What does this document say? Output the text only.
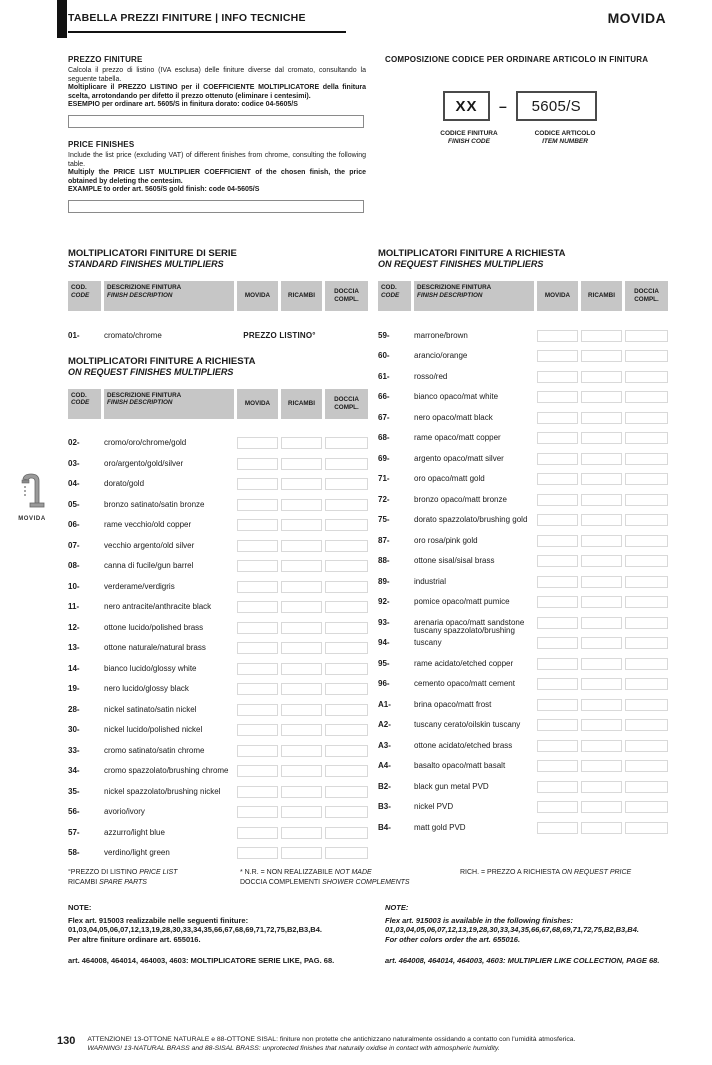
TABELLA PREZZI FINITURE | INFO TECNICHE	MOVIDA
PREZZO FINITURE
Calcola il prezzo di listino (IVA esclusa) delle finiture diverse dal cromato, consultando la seguente tabella.
Moltiplicare il PREZZO LISTINO per il COEFFICIENTE MOLTIPLICATORE della finitura scelta, arrotondando per difetto il prezzo ottenuto (eliminare i centesimi).
ESEMPIO per ordinare art. 5605/S in finitura dorato: codice 04-5605/S
PRICE FINISHES
Include the list price (excluding VAT) of different finishes from chrome, consulting the following table.
Multiply the PRICE LIST MULTIPLIER COEFFICIENT of the chosen finish, the price obtained by deleting the centesim.
EXAMPLE to order art. 5605/S gold finish: code 04-5605/S
COMPOSIZIONE CODICE PER ORDINARE ARTICOLO IN FINITURA
XX	–	5605/S
CODICE FINITURA
FINISH CODE
CODICE ARTICOLO
ITEM NUMBER
MOLTIPLICATORI FINITURE DI SERIE
STANDARD FINISHES MULTIPLIERS
COD.
CODE
DESCRIZIONE FINITURA
FINISH DESCRIPTION	MOVIDA	RICAMBI
DOCCIA
COMPL.
01-	cromato/chrome	PREZZO LISTINO°
MOLTIPLICATORI FINITURE A RICHIESTA
ON REQUEST FINISHES MULTIPLIERS
COD.
CODE
DESCRIZIONE FINITURA
FINISH DESCRIPTION	MOVIDA	RICAMBI
DOCCIA
COMPL.
02-	cromo/oro/chrome/gold
03-	oro/argento/gold/silver
04-	dorato/gold
05-	bronzo satinato/satin bronze
06-	rame vecchio/old copper
07-	vecchio argento/old silver
08-	canna di fucile/gun barrel
10-	verderame/verdigris
11-	nero antracite/anthracite black
12-	ottone lucido/polished brass
13-	ottone naturale/natural brass
14-	bianco lucido/glossy white
19-	nero lucido/glossy black
28-	nickel satinato/satin nickel
30-	nickel lucido/polished nickel
33-	cromo satinato/satin chrome
34-	cromo spazzolato/brushing chrome
35-	nickel spazzolato/brushing nickel
56-	avorio/ivory
57-	azzurro/light blue
58-	verdino/light green
MOLTIPLICATORI FINITURE A RICHIESTA
ON REQUEST FINISHES MULTIPLIERS
COD.
CODE
DESCRIZIONE FINITURA
FINISH DESCRIPTION	MOVIDA	RICAMBI
DOCCIA
COMPL.
59-	marrone/brown
60-	arancio/orange
61-	rosso/red
66-	bianco opaco/mat white
67-	nero opaco/matt black
68-	rame opaco/matt copper
69-	argento opaco/matt silver
71-	oro opaco/matt gold
72-	bronzo opaco/matt bronze
75-	dorato spazzolato/brushing gold
87-	oro rosa/pink gold
88-	ottone sisal/sisal brass
89-	industrial
92-	pomice opaco/matt pumice
93-	arenaria opaco/matt sandstone
94-
tuscany spazzolato/brushing tuscany
95-	rame acidato/etched copper
96-	cemento opaco/matt cement
A1-	brina opaco/matt frost
A2-	tuscany cerato/oilskin tuscany
A3-	ottone acidato/etched brass
A4-	basalto opaco/matt basalt
B2-	black gun metal PVD
B3-	nickel PVD
B4-	matt gold PVD
MOVIDA
°PREZZO DI LISTINO PRICE LIST	* N.R. = NON REALIZZABILE NOT MADE	RICH. = PREZZO A RICHIESTA ON REQUEST PRICE
RICAMBI SPARE PARTS	DOCCIA COMPLEMENTI SHOWER COMPLEMENTS
NOTE:
Flex art. 915003 realizzabile nelle seguenti finiture:
01,03,04,05,06,07,12,13,19,28,30,33,34,35,66,67,68,69,71,72,75,B2,B3,B4.
Per altre finiture ordinare art. 655016.
art. 464008, 464014, 464003, 4603: MOLTIPLICATORE SERIE LIKE, PAG. 68.
NOTE:
Flex art. 915003 is available in the following finishes:
01,03,04,05,06,07,12,13,19,28,30,33,34,35,66,67,68,69,71,72,75,B2,B3,B4.
For other colors order the art. 655016.
art. 464008, 464014, 464003, 4603: MULTIPLIER LIKE COLLECTION, PAGE 68.
130 ATTENZIONE! 13-OTTONE NATURALE e 88-OTTONE SISAL: finiture non protette che antichizzano naturalmente ossidando a contatto con l'umidità atmosferica.
WARNING! 13-NATURAL BRASS and 88-SISAL BRASS: unprotected finishes that naturally oxidise in contact with atmospheric humidity.
